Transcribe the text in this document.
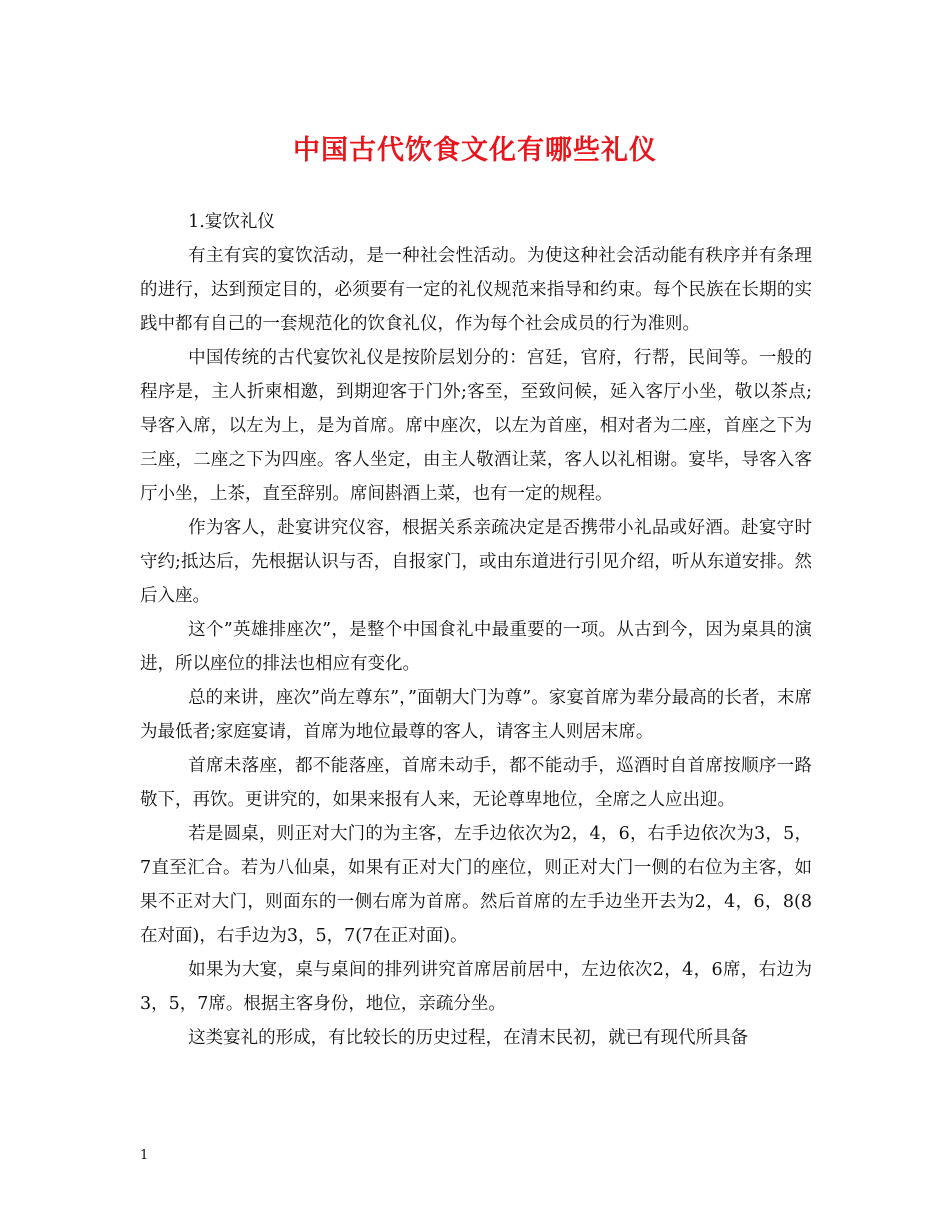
中国古代饮食文化有哪些礼仪

1.宴饮礼仪

有主有宾的宴饮活动，是一种社会性活动。为使这种社会活动能有秩序并有条理的进行，达到预定目的，必须要有一定的礼仪规范来指导和约束。每个民族在长期的实践中都有自己的一套规范化的饮食礼仪，作为每个社会成员的行为准则。

中国传统的古代宴饮礼仪是按阶层划分的：宫廷，官府，行帮，民间等。一般的程序是，主人折柬相邀，到期迎客于门外;客至，至致问候，延入客厅小坐，敬以茶点;导客入席，以左为上，是为首席。席中座次，以左为首座，相对者为二座，首座之下为三座，二座之下为四座。客人坐定，由主人敬酒让菜，客人以礼相谢。宴毕，导客入客厅小坐，上茶，直至辞别。席间斟酒上菜，也有一定的规程。

作为客人，赴宴讲究仪容，根据关系亲疏决定是否携带小礼品或好酒。赴宴守时守约;抵达后，先根据认识与否，自报家门，或由东道进行引见介绍，听从东道安排。然后入座。

这个”英雄排座次”，是整个中国食礼中最重要的一项。从古到今，因为桌具的演进，所以座位的排法也相应有变化。

总的来讲，座次”尚左尊东”，”面朝大门为尊”。家宴首席为辈分最高的长者，末席为最低者;家庭宴请，首席为地位最尊的客人，请客主人则居末席。

首席未落座，都不能落座，首席未动手，都不能动手，巡酒时自首席按顺序一路敬下，再饮。更讲究的，如果来报有人来，无论尊卑地位，全席之人应出迎。

若是圆桌，则正对大门的为主客，左手边依次为2，4，6，右手边依次为3，5，7直至汇合。若为八仙桌，如果有正对大门的座位，则正对大门一侧的右位为主客，如果不正对大门，则面东的一侧右席为首席。然后首席的左手边坐开去为2，4，6，8(8在对面)，右手边为3，5，7(7在正对面)。

如果为大宴，桌与桌间的排列讲究首席居前居中，左边依次2，4，6席，右边为3，5，7席。根据主客身份，地位，亲疏分坐。

这类宴礼的形成，有比较长的历史过程，在清末民初，就已有现代所具备

1
